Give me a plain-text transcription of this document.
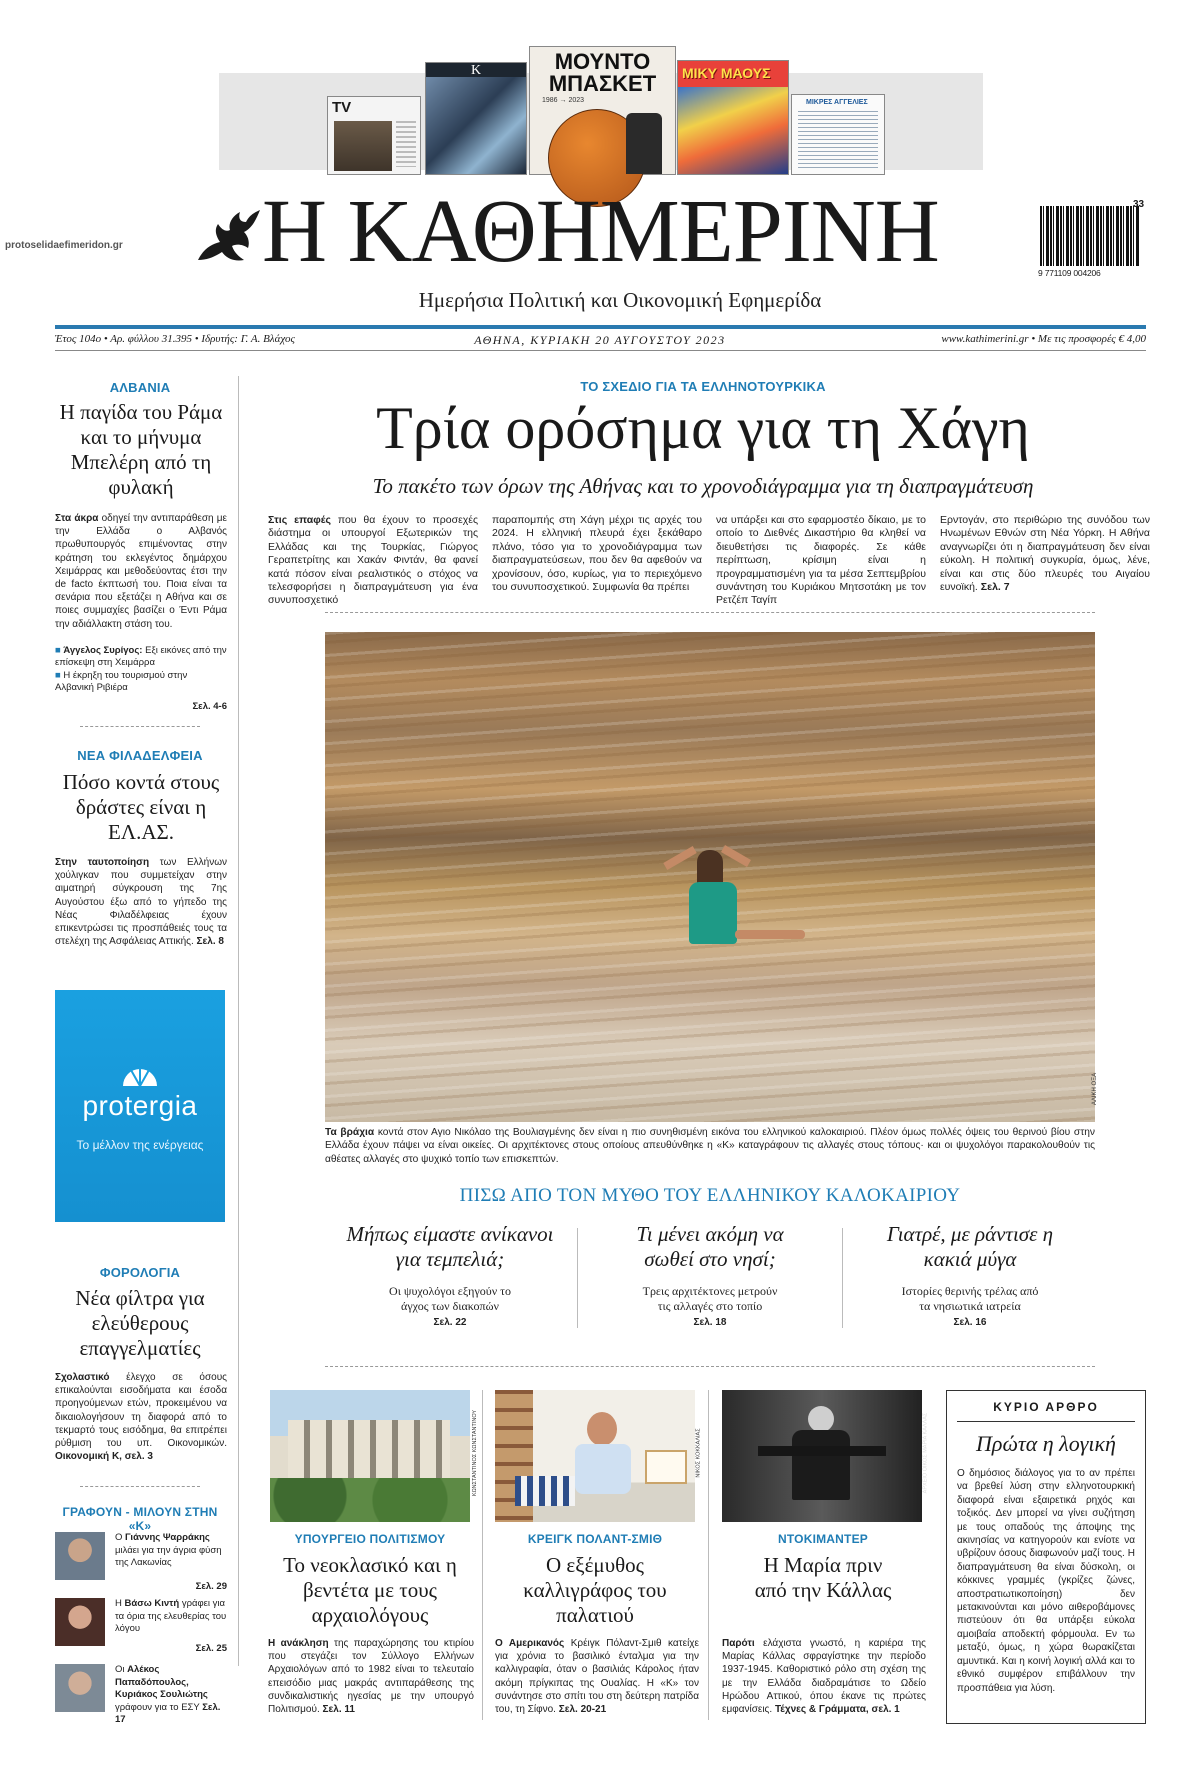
TV
K	ΜΟΥΝΤΟ ΜΠΑΣΚΕΤ
1986 → 2023
ΜΙΚΥ ΜΑΟΥΣ
ΜΙΚΡΕΣ ΑΓΓΕΛΙΕΣ
protoselidaefimeridon.gr Η ΚΑΘΗΜΕΡΙΝΗ
Ημερήσια Πολιτική και Οικονομική Εφημερίδα
33
9 771109 004206
Έτος 104ο • Αρ. φύλλου 31.395 • Ιδρυτής: Γ. Α. Βλάχος	ΑΘΗΝΑ, ΚΥΡΙΑΚΗ 20 ΑΥΓΟΥΣΤΟΥ 2023	www.kathimerini.gr • Με τις προσφορές € 4,00
ΑΛΒΑΝΙΑ
Η παγίδα του Ράμα και το μήνυμα Μπελέρη από τη φυλακή
Στα άκρα οδηγεί την αντιπαράθεση με την Ελλάδα ο Αλβανός πρωθυπουργός επιμένοντας στην κράτηση του εκλεγέντος δημάρχου Χειμάρρας και μεθοδεύοντας έτσι την de facto έκπτωσή του. Ποια είναι τα σενάρια που εξετάζει η Αθήνα και σε ποιες συμμαχίες βασίζει ο Έντι Ράμα την αδιάλλακτη στάση του.
■ Άγγελος Συρίγος: Εξι εικόνες από την επίσκεψη στη Χειμάρρα
■ Η έκρηξη του τουρισμού στην Αλβανική Ριβιέρα
Σελ. 4-6
ΝΕΑ ΦΙΛΑΔΕΛΦΕΙΑ
Πόσο κοντά στους δράστες είναι η ΕΛ.ΑΣ.
Στην ταυτοποίηση των Ελλήνων χούλιγκαν που συμμετείχαν στην αιματηρή σύγκρουση της 7ης Αυγούστου έξω από το γήπεδο της Νέας Φιλαδέλφειας έχουν επικεντρώσει τις προσπάθειές τους τα στελέχη της Ασφάλειας Αττικής. Σελ. 8
protergia
Το μέλλον της ενέργειας
ΦΟΡΟΛΟΓΙΑ
Νέα φίλτρα για ελεύθερους επαγγελματίες
Σχολαστικό έλεγχο σε όσους επικαλούνται εισοδήματα και έσοδα προηγούμενων ετών, προκειμένου να δικαιολογήσουν τη διαφορά από το τεκμαρτό τους εισόδημα, θα επιτρέπει ρύθμιση του υπ. Οικονομικών. Οικονομική Κ, σελ. 3
ΓΡΑΦΟΥΝ - ΜΙΛΟΥΝ ΣΤΗΝ «Κ»
Ο Γιάννης Ψαρράκης μιλάει για την άγρια φύση της Λακωνίας
Σελ. 29
Η Βάσω Κιντή γράφει για τα όρια της ελευθερίας του λόγου
Σελ. 25
Οι Αλέκος Παπαδόπουλος, Κυριάκος Σουλιώτης γράφουν για το ΕΣΥ Σελ. 17
ΤΟ ΣΧΕΔΙΟ ΓΙΑ ΤΑ ΕΛΛΗΝΟΤΟΥΡΚΙΚΑ
Τρία ορόσημα για τη Χάγη
Το πακέτο των όρων της Αθήνας και το χρονοδιάγραμμα για τη διαπραγμάτευση
Στις επαφές που θα έχουν το προσεχές διάστημα οι υπουργοί Εξωτερικών της Ελλάδας και της Τουρκίας, Γιώργος Γεραπετρίτης και Χακάν Φιντάν, θα φανεί κατά πόσον είναι ρεαλιστικός ο στόχος να τελεσφορήσει η διαπραγμάτευση για ένα συνυποσχετικό
παραπομπής στη Χάγη μέχρι τις αρχές του 2024. Η ελληνική πλευρά έχει ξεκάθαρο πλάνο, τόσο για το χρονοδιάγραμμα των διαπραγματεύσεων, που δεν θα αφεθούν να χρονίσουν, όσο, κυρίως, για το περιεχόμενο του συνυποσχετικού. Συμφωνία θα πρέπει
να υπάρξει και στο εφαρμοστέο δίκαιο, με το οποίο το Διεθνές Δικαστήριο θα κληθεί να διευθετήσει τις διαφορές. Σε κάθε περίπτωση, κρίσιμη είναι η προγραμματισμένη για τα μέσα Σεπτεμβρίου συνάντηση του Κυριάκου Μητσοτάκη με τον Ρετζέπ Ταγίπ
Ερντογάν, στο περιθώριο της συνόδου των Ηνωμένων Εθνών στη Νέα Υόρκη. Η Αθήνα αναγνωρίζει ότι η διαπραγμάτευση δεν είναι εύκολη. Η πολιτική συγκυρία, όμως, λένε, είναι και στις δύο πλευρές του Αιγαίου ευνοϊκή. Σελ. 7
ΑΛΙΚΗ ΟΞΑ
Τα βράχια κοντά στον Αγιο Νικόλαο της Βουλιαγμένης δεν είναι η πιο συνηθισμένη εικόνα του ελληνικού καλοκαιριού. Πλέον όμως πολλές όψεις του θερινού βίου στην Ελλάδα έχουν πάψει να είναι οικείες. Οι αρχιτέκτονες στους οποίους απευθύνθηκε η «Κ» καταγράφουν τις αλλαγές στους τόπους· και οι ψυχολόγοι παρακολουθούν τις αθέατες αλλαγές στο ψυχικό τοπίο των επισκεπτών.
ΠΙΣΩ ΑΠΟ ΤΟΝ ΜΥΘΟ ΤΟΥ ΕΛΛΗΝΙΚΟΥ ΚΑΛΟΚΑΙΡΙΟΥ
Μήπως είμαστε ανίκανοι για τεμπελιά;
Οι ψυχολόγοι εξηγούν το άγχος των διακοπών
Σελ. 22
Τι μένει ακόμη να σωθεί στο νησί;
Τρεις αρχιτέκτονες μετρούν τις αλλαγές στο τοπίο
Σελ. 18
Γιατρέ, με ράντισε η κακιά μύγα
Ιστορίες θερινής τρέλας από τα νησιωτικά ιατρεία
Σελ. 16
ΚΩΝΣΤΑΝΤΙΝΟΣ ΚΩΝΣΤΑΝΤΙΝΟΥ
ΥΠΟΥΡΓΕΙΟ ΠΟΛΙΤΙΣΜΟΥ
Το νεοκλασικό και η βεντέτα με τους αρχαιολόγους
Η ανάκληση της παραχώρησης του κτιρίου που στεγάζει τον Σύλλογο Ελλήνων Αρχαιολόγων από το 1982 είναι το τελευταίο επεισόδιο μιας μακράς αντιπαράθεσης της συνδικαλιστικής ηγεσίας με την υπουργό Πολιτισμού. Σελ. 11
ΝΙΚΟΣ ΚΟΚΚΑΛΙΑΣ
ΚΡΕΙΓΚ ΠΟΛΑΝΤ-ΣΜΙΘ
Ο εξέμυθος καλλιγράφος του παλατιού
Ο Αμερικανός Κρέιγκ Πόλαντ-Σμιθ κατείχε για χρόνια το βασιλικό ένταλμα για την καλλιγραφία, όταν ο βασιλιάς Κάρολος ήταν ακόμη πρίγκιπας της Ουαλίας. Η «Κ» τον συνάντησε στο σπίτι του στη δεύτερη πατρίδα του, τη Σίφνο. Σελ. 20-21
ΑΡΧΕΙΟ ΟΙΚΟΣ ΜΑΡΙΑ ΚΑΛΛΑΣ
ΝΤΟΚΙΜΑΝΤΕΡ
Η Μαρία πριν από την Κάλλας
Παρότι ελάχιστα γνωστό, η καριέρα της Μαρίας Κάλλας σφραγίστηκε την περίοδο 1937-1945. Καθοριστικό ρόλο στη σχέση της με την Ελλάδα διαδραμάτισε το Ωδείο Ηρώδου Αττικού, όπου έκανε τις πρώτες εμφανίσεις. Τέχνες & Γράμματα, σελ. 1
ΚΥΡΙΟ ΑΡΘΡΟ
Πρώτα η λογική
Ο δημόσιος διάλογος για το αν πρέπει να βρεθεί λύση στην ελληνοτουρκική διαφορά είναι εξαιρετικά ρηχός και τοξικός. Δεν μπορεί να γίνει συζήτηση με τους οπαδούς της άποψης της ακινησίας να κατηγορούν και ενίοτε να υβρίζουν όσους διαφωνούν μαζί τους. Η διαπραγμάτευση θα είναι δύσκολη, οι κόκκινες γραμμές (γκρίζες ζώνες, αποστρατιωτικοποίηση) δεν μετακινούνται και μόνο αιθεροβάμονες πιστεύουν ότι θα υπάρξει εύκολα αμοιβαία αποδεκτή φόρμουλα. Εν τω μεταξύ, όμως, η χώρα θωρακίζεται αμυντικά. Και η κοινή λογική αλλά και το εθνικό συμφέρον επιβάλλουν την προσπάθεια για λύση.
